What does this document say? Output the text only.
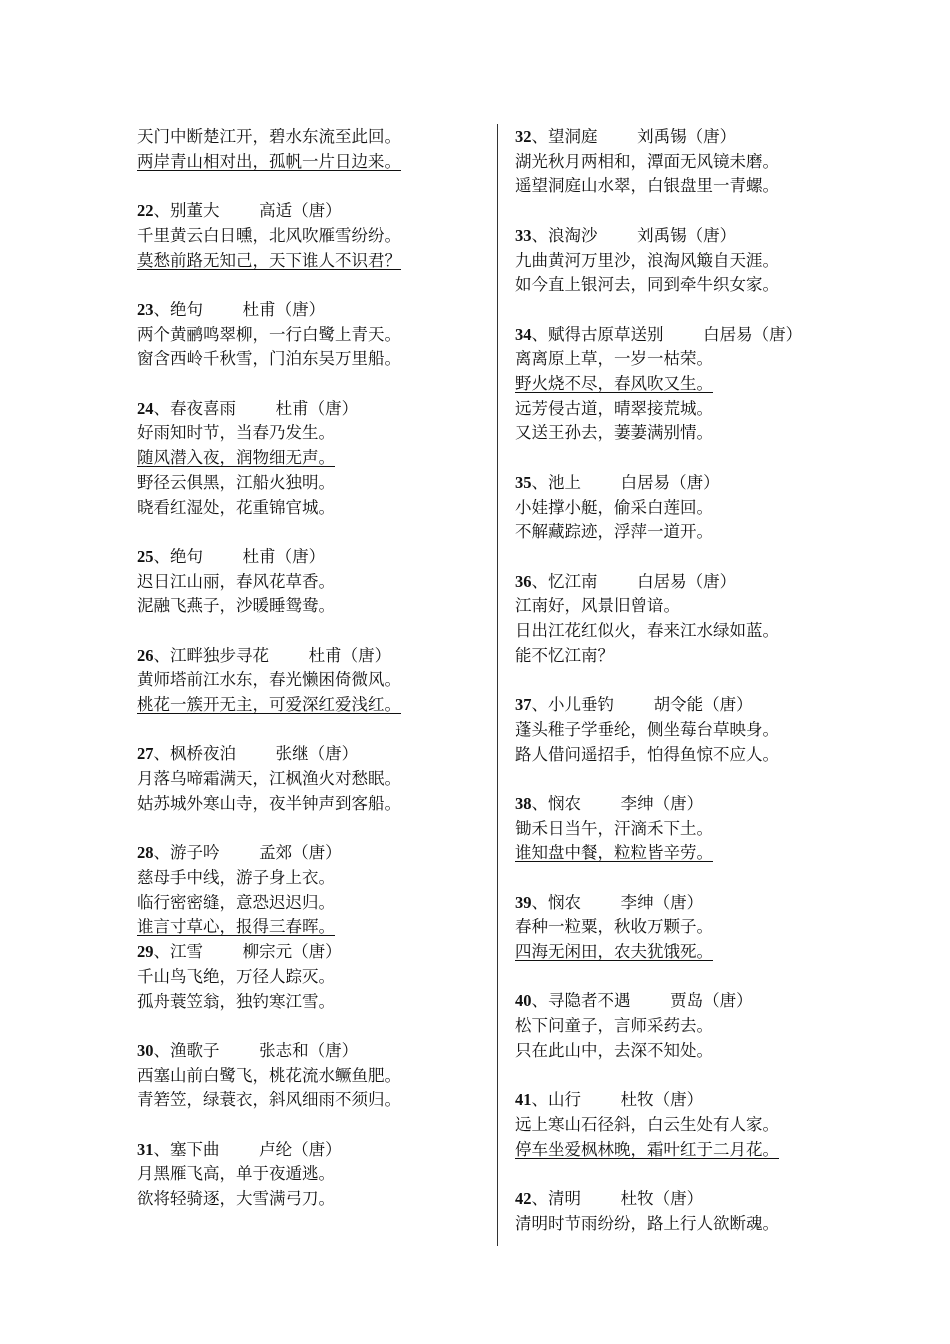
天门中断楚江开，碧水东流至此回。
两岸青山相对出，孤帆一片日边来。
22、别董大 高适（唐）
千里黄云白日曛，北风吹雁雪纷纷。
莫愁前路无知己，天下谁人不识君？
23、绝句 杜甫（唐）
两个黄鹂鸣翠柳，一行白鹭上青天。
窗含西岭千秋雪，门泊东吴万里船。
24、春夜喜雨 杜甫（唐）
好雨知时节，当春乃发生。
随风潜入夜，润物细无声。
野径云俱黑，江船火独明。
晓看红湿处，花重锦官城。
25、绝句 杜甫（唐）
迟日江山丽，春风花草香。
泥融飞燕子，沙暖睡鸳鸯。
26、江畔独步寻花 杜甫（唐）
黄师塔前江水东，春光懒困倚微风。
桃花一簇开无主，可爱深红爱浅红。
27、枫桥夜泊 张继（唐）
月落乌啼霜满天，江枫渔火对愁眠。
姑苏城外寒山寺，夜半钟声到客船。
28、游子吟 孟郊（唐）
慈母手中线，游子身上衣。
临行密密缝，意恐迟迟归。
谁言寸草心，报得三春晖。
29、江雪 柳宗元（唐）
千山鸟飞绝，万径人踪灭。
孤舟蓑笠翁，独钓寒江雪。
30、渔歌子 张志和（唐）
西塞山前白鹭飞，桃花流水鳜鱼肥。
青箬笠，绿蓑衣，斜风细雨不须归。
31、塞下曲 卢纶（唐）
月黑雁飞高，单于夜遁逃。
欲将轻骑逐，大雪满弓刀。
32、望洞庭 刘禹锡（唐）
湖光秋月两相和，潭面无风镜未磨。
遥望洞庭山水翠，白银盘里一青螺。
33、浪淘沙 刘禹锡（唐）
九曲黄河万里沙，浪淘风簸自天涯。
如今直上银河去，同到牵牛织女家。
34、赋得古原草送别 白居易（唐）
离离原上草，一岁一枯荣。
野火烧不尽，春风吹又生。
远芳侵古道，晴翠接荒城。
又送王孙去，萋萋满别情。
35、池上 白居易（唐）
小娃撑小艇，偷采白莲回。
不解藏踪迹，浮萍一道开。
36、忆江南 白居易（唐）
江南好，风景旧曾谙。
日出江花红似火，春来江水绿如蓝。
能不忆江南？
37、小儿垂钓 胡令能（唐）
蓬头稚子学垂纶，侧坐莓台草映身。
路人借问遥招手，怕得鱼惊不应人。
38、悯农 李绅（唐）
锄禾日当午，汗滴禾下土。
谁知盘中餐，粒粒皆辛劳。
39、悯农 李绅（唐）
春种一粒粟，秋收万颗子。
四海无闲田，农夫犹饿死。
40、寻隐者不遇 贾岛（唐）
松下问童子，言师采药去。
只在此山中，去深不知处。
41、山行 杜牧（唐）
远上寒山石径斜，白云生处有人家。
停车坐爱枫林晚，霜叶红于二月花。
42、清明 杜牧（唐）
清明时节雨纷纷，路上行人欲断魂。
